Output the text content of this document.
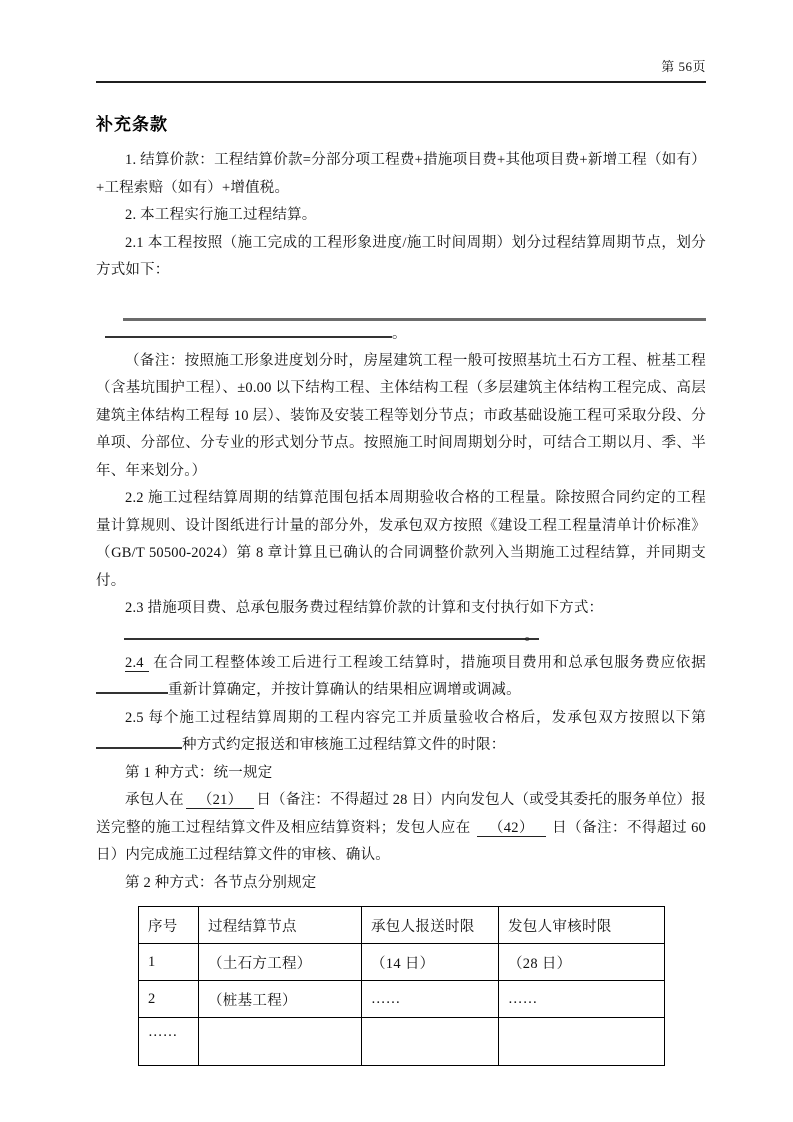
第 56页
补充条款

1. 结算价款：工程结算价款=分部分项工程费+措施项目费+其他项目费+新增工程（如有）+工程索赔（如有）+增值税。

2. 本工程实行施工过程结算。

2.1 本工程按照（施工完成的工程形象进度/施工时间周期）划分过程结算周期节点，划分方式如下：

。

（备注：按照施工形象进度划分时，房屋建筑工程一般可按照基坑土石方工程、桩基工程（含基坑围护工程）、±0.00 以下结构工程、主体结构工程（多层建筑主体结构工程完成、高层建筑主体结构工程每 10 层）、装饰及安装工程等划分节点；市政基础设施工程可采取分段、分单项、分部位、分专业的形式划分节点。按照施工时间周期划分时，可结合工期以月、季、半年、年来划分。）

2.2 施工过程结算周期的结算范围包括本周期验收合格的工程量。除按照合同约定的工程量计算规则、设计图纸进行计量的部分外，发承包双方按照《建设工程工程量清单计价标准》（GB/T 50500-2024）第 8 章计算且已确认的合同调整价款列入当期施工过程结算，并同期支付。

2.3 措施项目费、总承包服务费过程结算价款的计算和支付执行如下方式：

。

2.4 在合同工程整体竣工后进行工程竣工结算时，措施项目费用和总承包服务费应依据重新计算确定，并按计算确认的结果相应调增或调减。

2.5 每个施工过程结算周期的工程内容完工并质量验收合格后，发承包双方按照以下第种方式约定报送和审核施工过程结算文件的时限：

第 1 种方式：统一规定

承包人在 （21） 日（备注：不得超过 28 日）内向发包人（或受其委托的服务单位）报送完整的施工过程结算文件及相应结算资料；发包人应在 （42） 日（备注：不得超过 60 日）内完成施工过程结算文件的审核、确认。

第 2 种方式：各节点分别规定

序号	过程结算节点	承包人报送时限	发包人审核时限
1	（土石方工程）	（14 日）	（28 日）
2	（桩基工程）	……	……
……			
